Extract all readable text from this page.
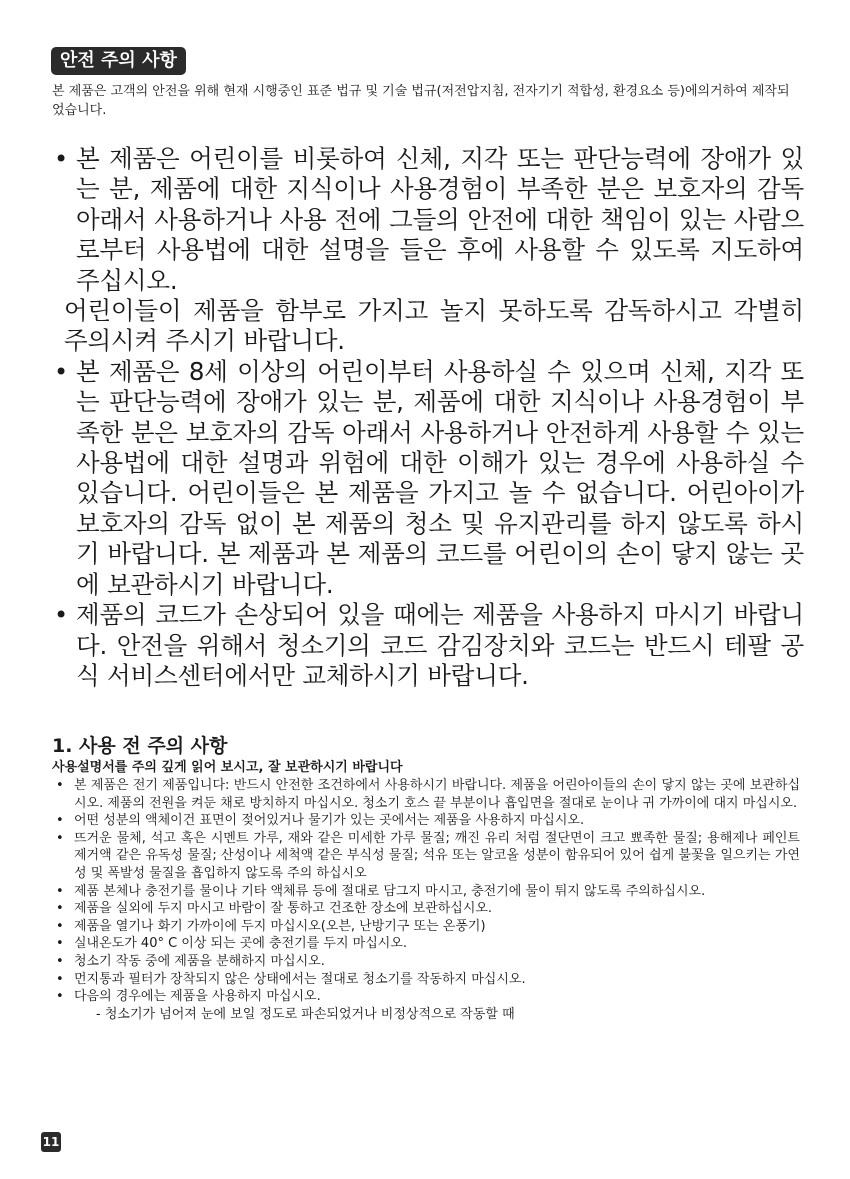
안전 주의 사항

본 제품은 고객의 안전을 위해 현재 시행중인 표준 법규 및 기술 법규(저전압지침, 전자기기 적합성, 환경요소 등)에의거하여 제작되었습니다.

• 본 제품은 어린이를 비롯하여 신체, 지각 또는 판단능력에 장애가 있는 분, 제품에 대한 지식이나 사용경험이 부족한 분은 보호자의 감독 아래서 사용하거나 사용 전에 그들의 안전에 대한 책임이 있는 사람으로부터 사용법에 대한 설명을 들은 후에 사용할 수 있도록 지도하여 주십시오.
어린이들이 제품을 함부로 가지고 놀지 못하도록 감독하시고 각별히 주의시켜 주시기 바랍니다.
• 본 제품은 8세 이상의 어린이부터 사용하실 수 있으며 신체, 지각 또는 판단능력에 장애가 있는 분, 제품에 대한 지식이나 사용경험이 부족한 분은 보호자의 감독 아래서 사용하거나 안전하게 사용할 수 있는 사용법에 대한 설명과 위험에 대한 이해가 있는 경우에 사용하실 수 있습니다. 어린이들은 본 제품을 가지고 놀 수 없습니다. 어린아이가 보호자의 감독 없이 본 제품의 청소 및 유지관리를 하지 않도록 하시기 바랍니다. 본 제품과 본 제품의 코드를 어린이의 손이 닿지 않는 곳에 보관하시기 바랍니다.
• 제품의 코드가 손상되어 있을 때에는 제품을 사용하지 마시기 바랍니다. 안전을 위해서 청소기의 코드 감김장치와 코드는 반드시 테팔 공식 서비스센터에서만 교체하시기 바랍니다.
1. 사용 전 주의 사항

사용설명서를 주의 깊게 읽어 보시고, 잘 보관하시기 바랍니다

• 본 제품은 전기 제품입니다: 반드시 안전한 조건하에서 사용하시기 바랍니다. 제품을 어린아이들의 손이 닿지 않는 곳에 보관하십시오. 제품의 전원을 켜둔 채로 방치하지 마십시오. 청소기 호스 끝 부분이나 흡입면을 절대로 눈이나 귀 가까이에 대지 마십시오.
• 어떤 성분의 액체이건 표면이 젖어있거나 물기가 있는 곳에서는 제품을 사용하지 마십시오.
• 뜨거운 물체, 석고 혹은 시멘트 가루, 재와 같은 미세한 가루 물질; 깨진 유리 처럼 절단면이 크고 뾰족한 물질; 용해제나 페인트 제거액 같은 유독성 물질; 산성이나 세척액 같은 부식성 물질; 석유 또는 알코올 성분이 함유되어 있어 쉽게 불꽃을 일으키는 가연성 및 폭발성 물질을 흡입하지 않도록 주의 하십시오
• 제품 본체나 충전기를 물이나 기타 액체류 등에 절대로 담그지 마시고, 충전기에 물이 튀지 않도록 주의하십시오.
• 제품을 실외에 두지 마시고 바람이 잘 통하고 건조한 장소에 보관하십시오.
• 제품을 열기나 화기 가까이에 두지 마십시오(오븐, 난방기구 또는 온풍기)
• 실내온도가 40° C 이상 되는 곳에 충전기를 두지 마십시오.
• 청소기 작동 중에 제품을 분해하지 마십시오.
• 먼지통과 필터가 장착되지 않은 상태에서는 절대로 청소기를 작동하지 마십시오.
• 다음의 경우에는 제품을 사용하지 마십시오.
- 청소기가 넘어져 눈에 보일 정도로 파손되었거나 비정상적으로 작동할 때
11
